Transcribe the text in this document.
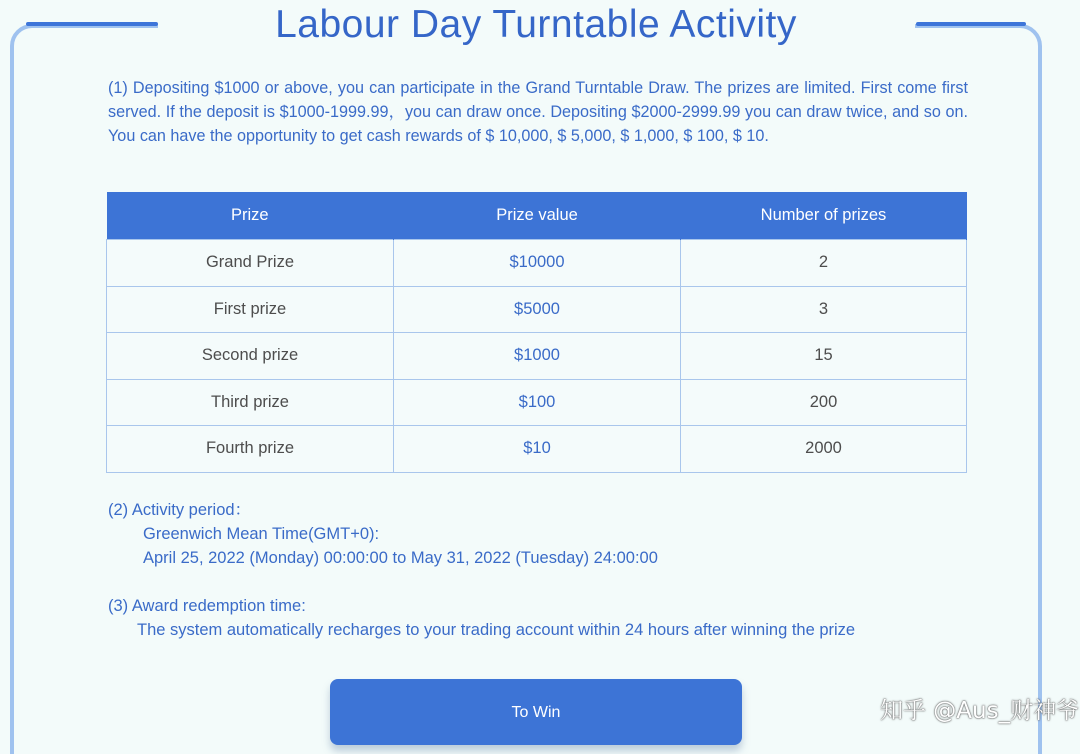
Labour Day Turntable Activity
(1) Depositing $1000 or above, you can participate in the Grand Turntable Draw. The prizes are limited. First come first served. If the deposit is $1000-1999.99，you can draw once. Depositing $2000-2999.99 you can draw twice, and so on. You can have the opportunity to get cash rewards of $ 10,000, $ 5,000, $ 1,000, $ 100, $ 10.
Prize	Prize value	Number of prizes
Grand Prize	$10000	2
First prize	$5000	3
Second prize	$1000	15
Third prize	$100	200
Fourth prize	$10	2000
(2) Activity period：
Greenwich Mean Time(GMT+0):
April 25, 2022 (Monday) 00:00:00 to May 31, 2022 (Tuesday) 24:00:00
(3) Award redemption time:
The system automatically recharges to your trading account within 24 hours after winning the prize
To Win	知乎 @Aus_财神爷
